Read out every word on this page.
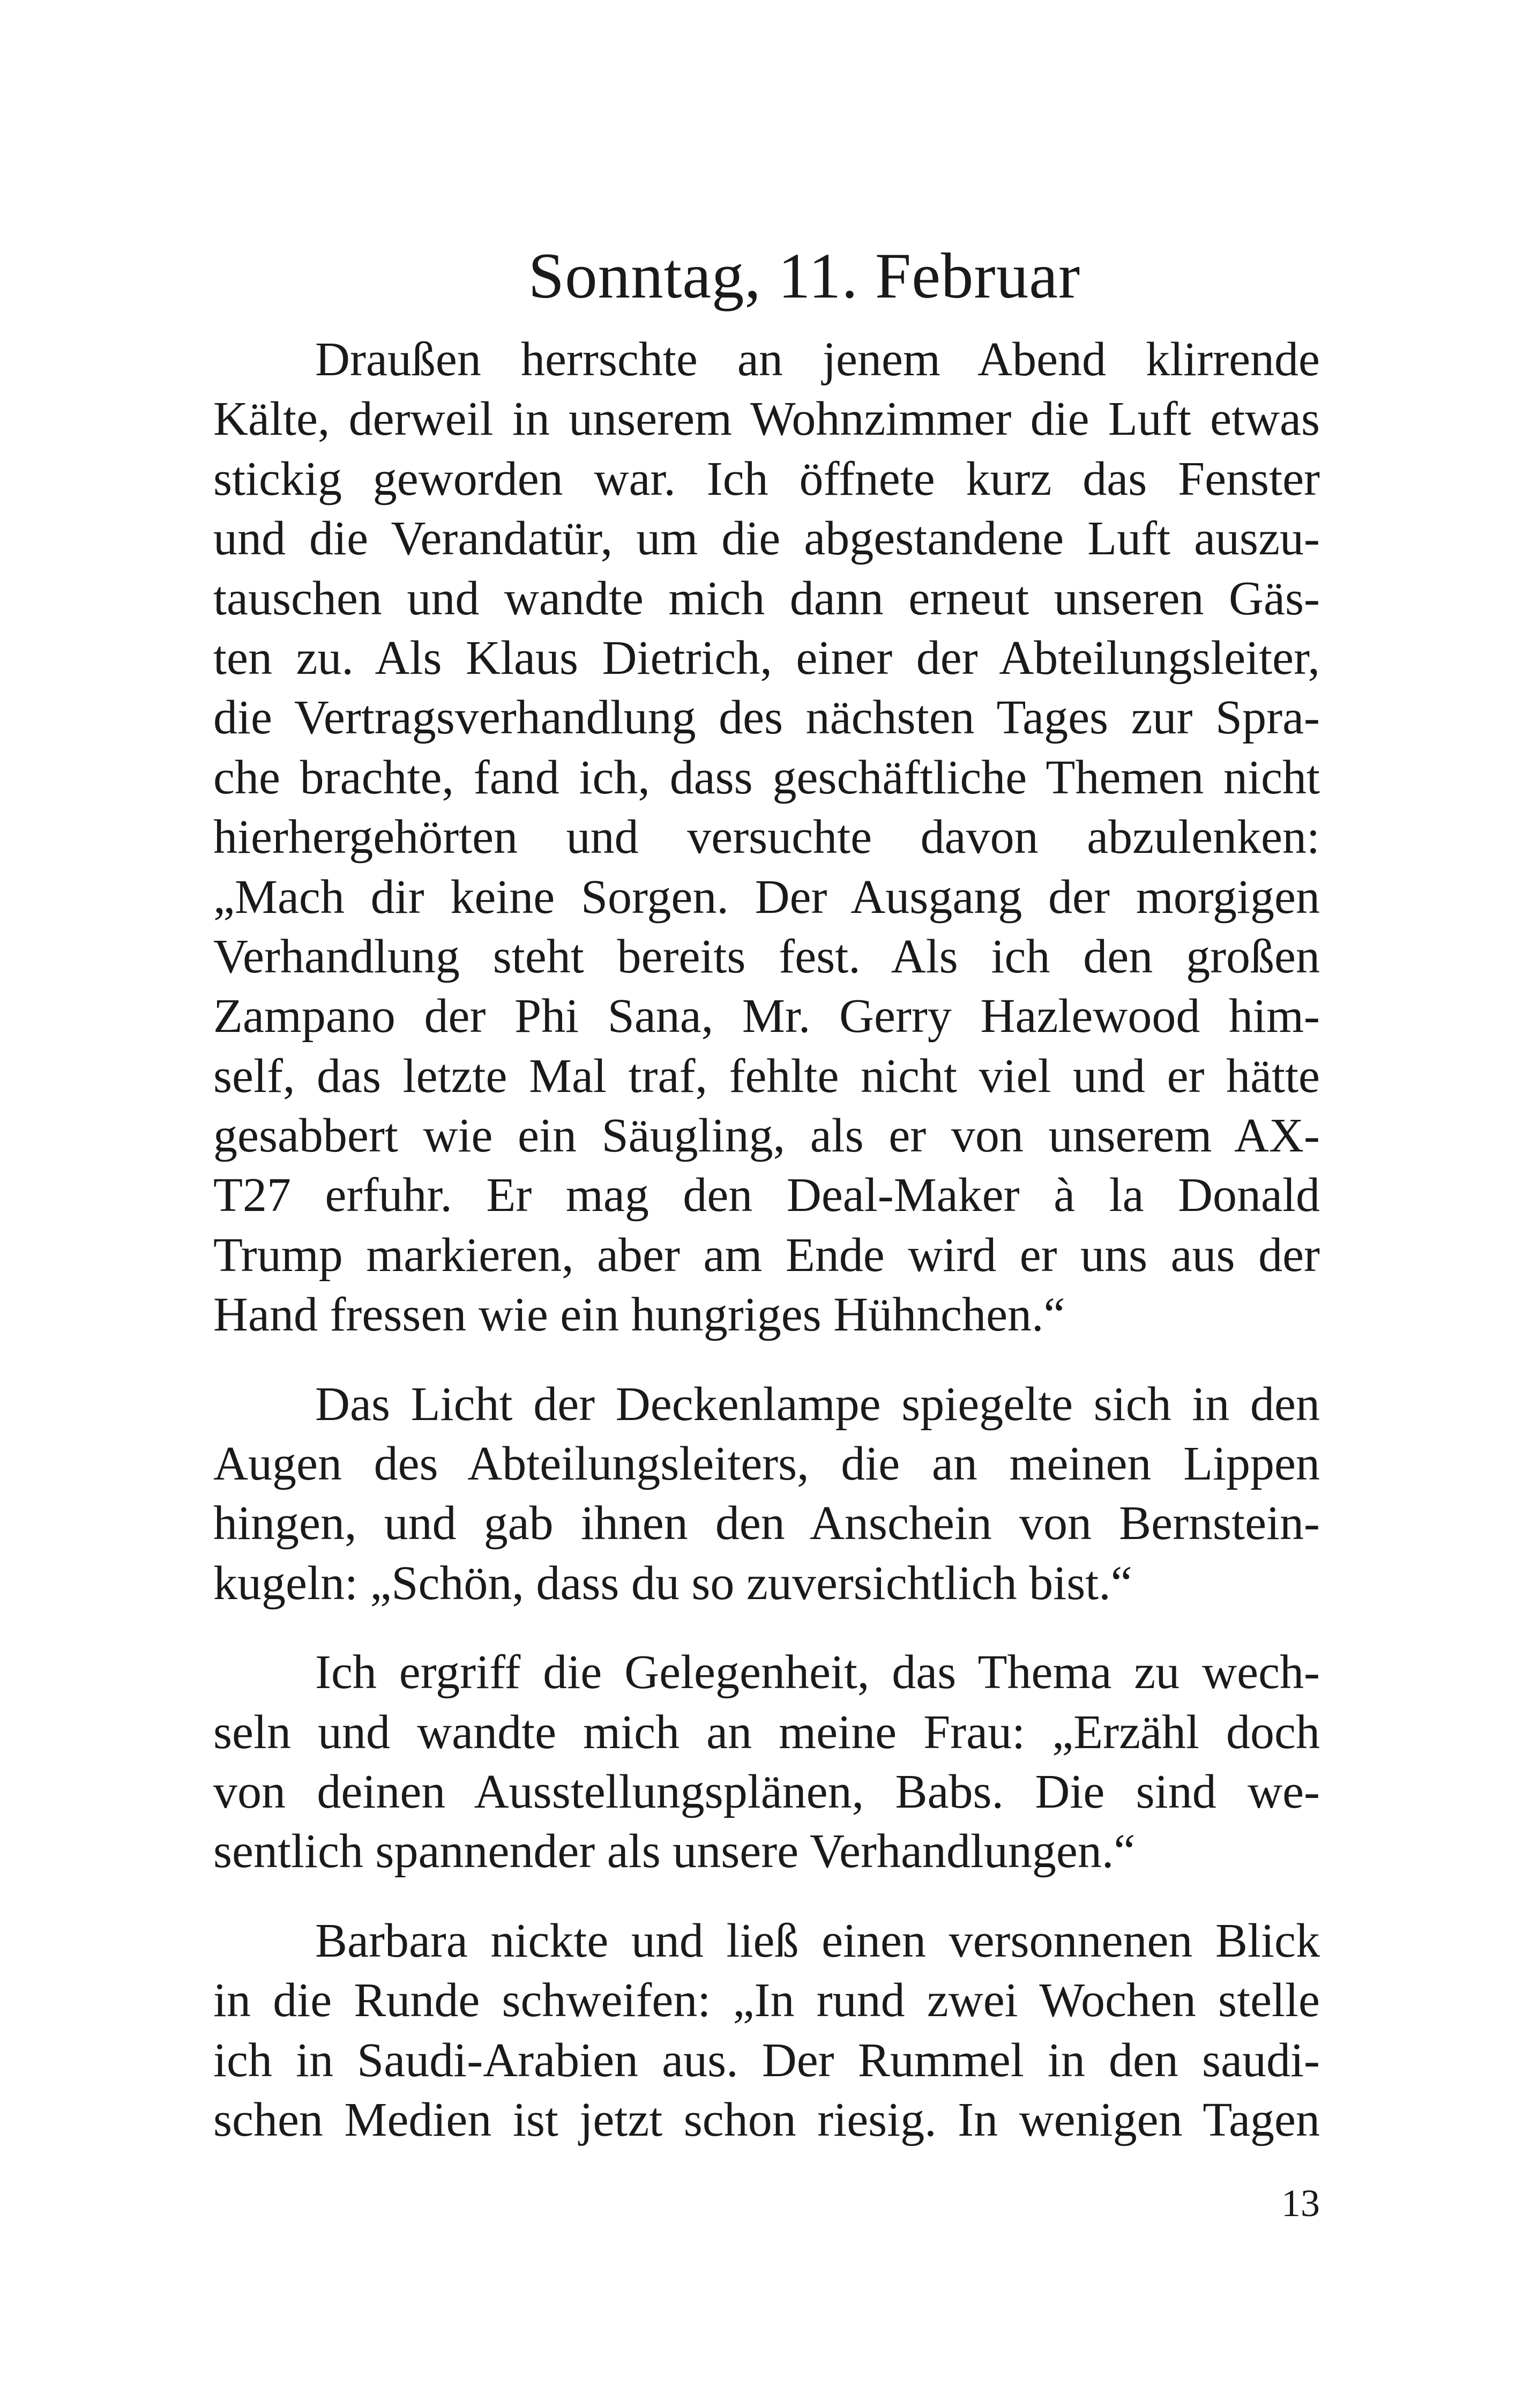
Sonntag, 11. Februar
Draußen herrschte an jenem Abend klirrende
Kälte, derweil in unserem Wohnzimmer die Luft etwas
stickig geworden war. Ich öffnete kurz das Fenster
und die Verandatür, um die abgestandene Luft auszu-
tauschen und wandte mich dann erneut unseren Gäs-
ten zu. Als Klaus Dietrich, einer der Abteilungsleiter,
die Vertragsverhandlung des nächsten Tages zur Spra-
che brachte, fand ich, dass geschäftliche Themen nicht
hierhergehörten und versuchte davon abzulenken:
„Mach dir keine Sorgen. Der Ausgang der morgigen
Verhandlung steht bereits fest. Als ich den großen
Zampano der Phi Sana, Mr. Gerry Hazlewood him-
self, das letzte Mal traf, fehlte nicht viel und er hätte
gesabbert wie ein Säugling, als er von unserem AX-
T27 erfuhr. Er mag den Deal-Maker à la Donald
Trump markieren, aber am Ende wird er uns aus der
Hand fressen wie ein hungriges Hühnchen.“
Das Licht der Deckenlampe spiegelte sich in den
Augen des Abteilungsleiters, die an meinen Lippen
hingen, und gab ihnen den Anschein von Bernstein-
kugeln: „Schön, dass du so zuversichtlich bist.“
Ich ergriff die Gelegenheit, das Thema zu wech-
seln und wandte mich an meine Frau: „Erzähl doch
von deinen Ausstellungsplänen, Babs. Die sind we-
sentlich spannender als unsere Verhandlungen.“
Barbara nickte und ließ einen versonnenen Blick
in die Runde schweifen: „In rund zwei Wochen stelle
ich in Saudi-Arabien aus. Der Rummel in den saudi-
schen Medien ist jetzt schon riesig. In wenigen Tagen
13
